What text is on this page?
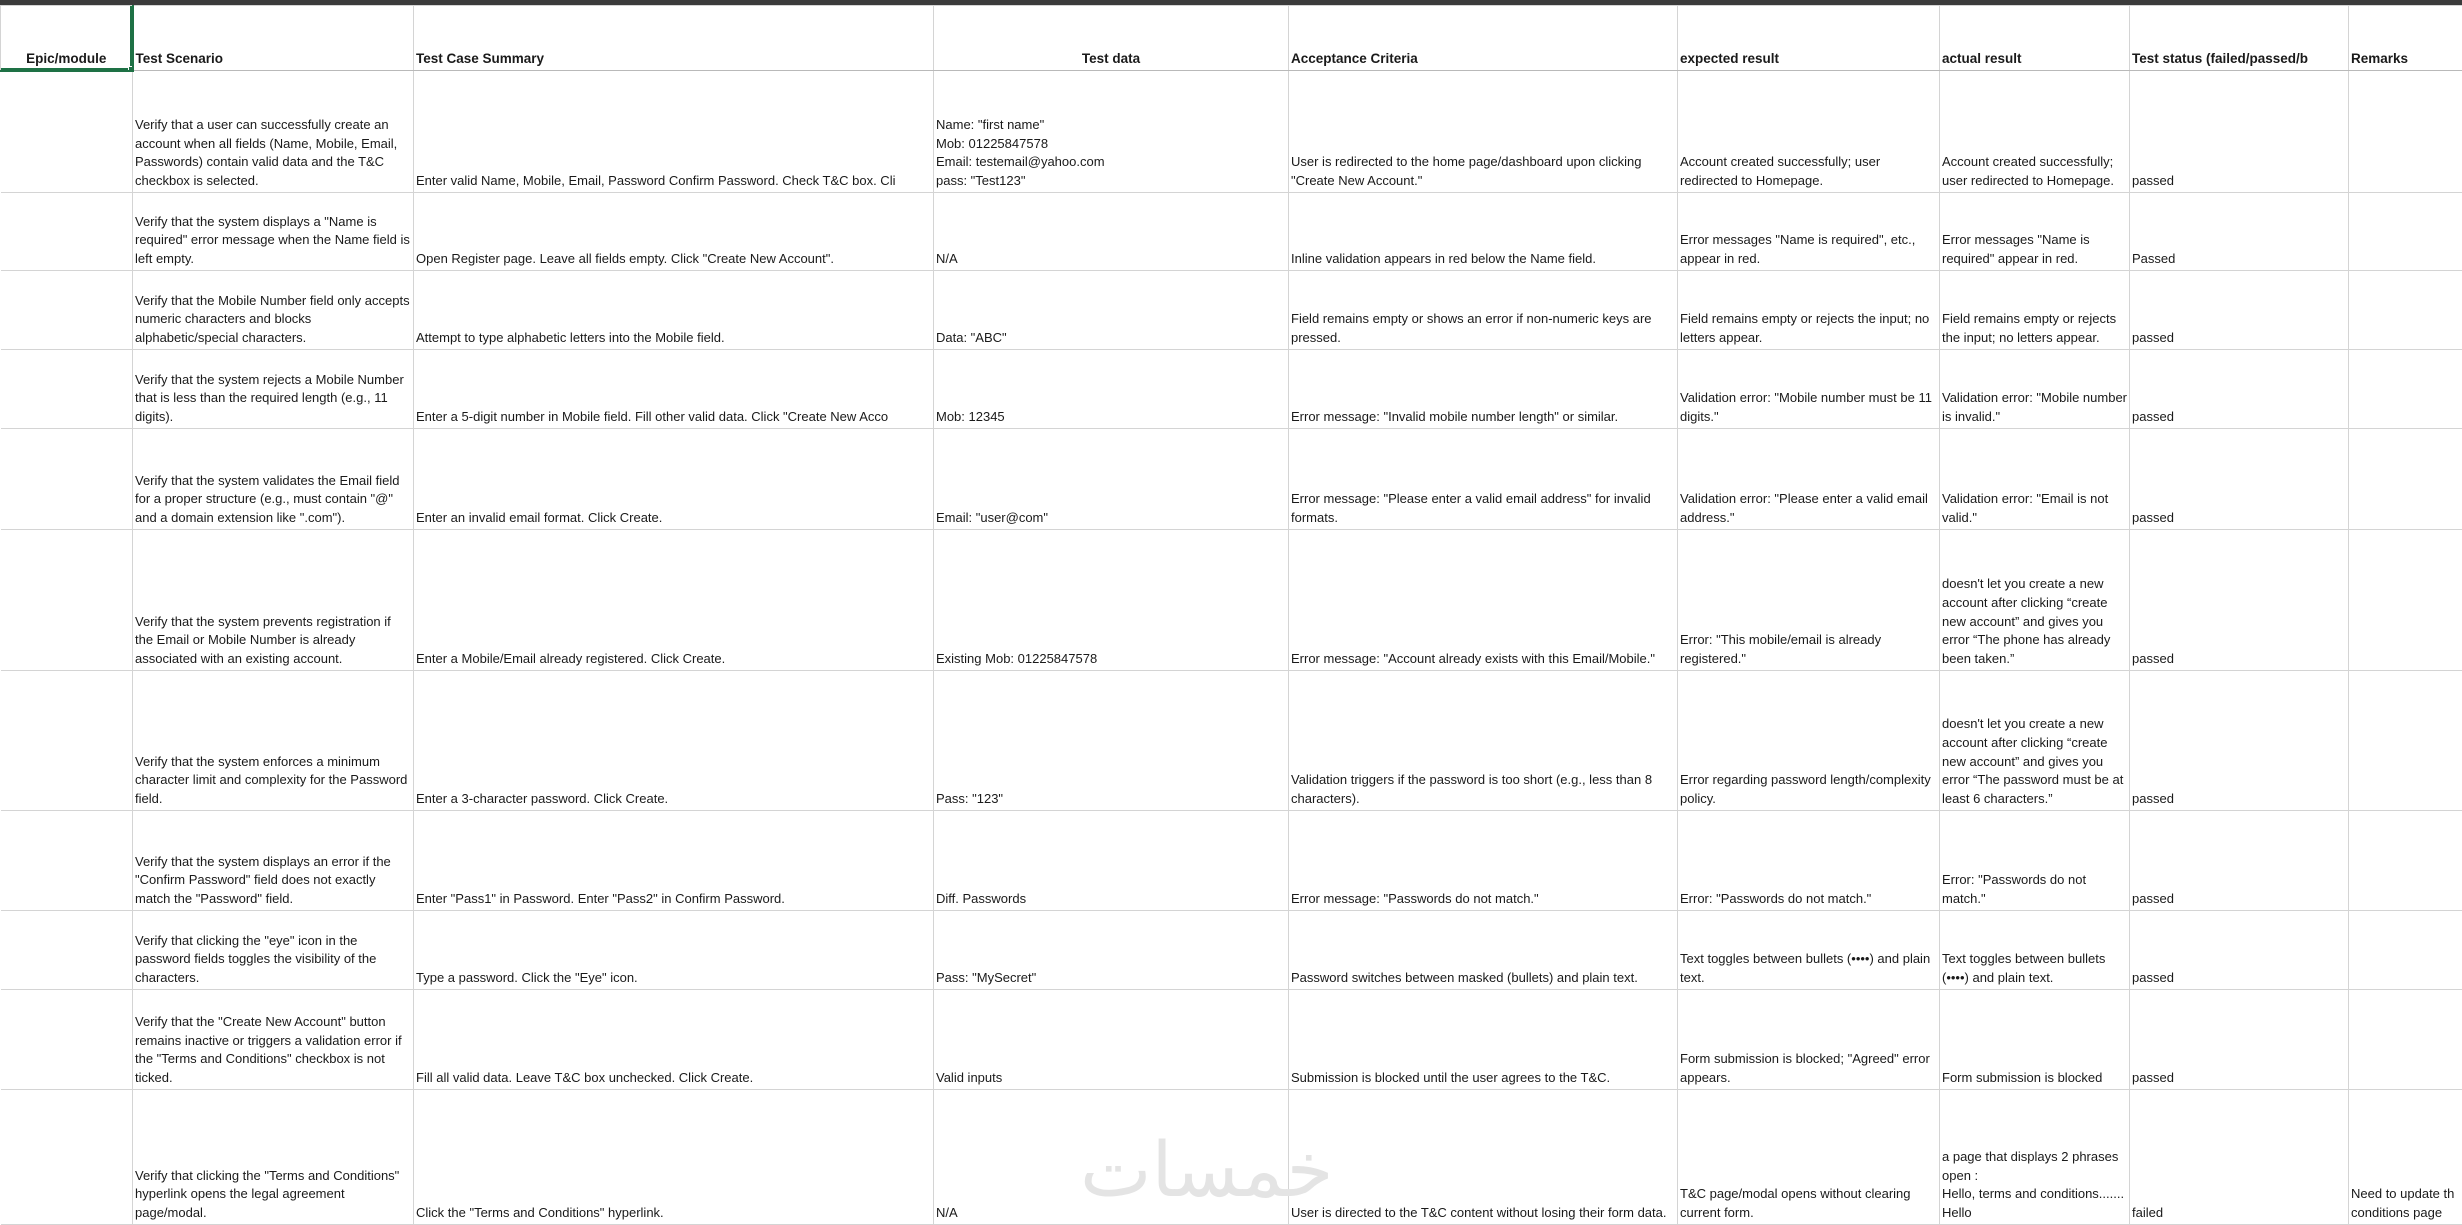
Epic/module	Test Scenario	Test Case Summary	Test data	Acceptance Criteria	expected result	actual result	Test status (failed/passed/b	Remarks
	Verify that a user can successfully create an account when all fields (Name, Mobile, Email, Passwords) contain valid data and the T&C checkbox is selected.	Enter valid Name, Mobile, Email, Password Confirm Password. Check T&C box. Cli	Name: "first name"
Mob: 01225847578
Email: testemail@yahoo.com
pass: "Test123"	User is redirected to the home page/dashboard upon clicking "Create New Account."	Account created successfully; user redirected to Homepage.	Account created successfully; user redirected to Homepage.	passed	
	Verify that the system displays a "Name is required" error message when the Name field is left empty.	Open Register page. Leave all fields empty. Click "Create New Account".	N/A	Inline validation appears in red below the Name field.	Error messages "Name is required", etc., appear in red.	Error messages "Name is required" appear in red.	Passed	
	Verify that the Mobile Number field only accepts numeric characters and blocks alphabetic/special characters.	Attempt to type alphabetic letters into the Mobile field.	Data: "ABC"	Field remains empty or shows an error if non-numeric keys are pressed.	Field remains empty or rejects the input; no letters appear.	Field remains empty or rejects the input; no letters appear.	passed	
	Verify that the system rejects a Mobile Number that is less than the required length (e.g., 11 digits).	Enter a 5-digit number in Mobile field. Fill other valid data. Click "Create New Acco	Mob: 12345	Error message: "Invalid mobile number length" or similar.	Validation error: "Mobile number must be 11 digits."	Validation error: "Mobile number is invalid."	passed	
	Verify that the system validates the Email field for a proper structure (e.g., must contain "@" and a domain extension like ".com").	Enter an invalid email format. Click Create.	Email: "user@com"	Error message: "Please enter a valid email address" for invalid formats.	Validation error: "Please enter a valid email address."	Validation error: "Email is not valid."	passed	
	Verify that the system prevents registration if the Email or Mobile Number is already associated with an existing account.	Enter a Mobile/Email already registered. Click Create.	Existing Mob: 01225847578	Error message: "Account already exists with this Email/Mobile."	Error: "This mobile/email is already registered."	doesn't let you create a new account after clicking “create new account” and gives you error “The phone has already been taken.”	passed	
	Verify that the system enforces a minimum character limit and complexity for the Password field.	Enter a 3-character password. Click Create.	Pass: "123"	Validation triggers if the password is too short (e.g., less than 8 characters).	Error regarding password length/complexity policy.	doesn't let you create a new account after clicking “create new account” and gives you error “The password must be at least 6 characters.”	passed	
	Verify that the system displays an error if the "Confirm Password" field does not exactly match the "Password" field.	Enter "Pass1" in Password. Enter "Pass2" in Confirm Password.	Diff. Passwords	Error message: "Passwords do not match."	Error: "Passwords do not match."	Error: "Passwords do not match."	passed	
	Verify that clicking the "eye" icon in the password fields toggles the visibility of the characters.	Type a password. Click the "Eye" icon.	Pass: "MySecret"	Password switches between masked (bullets) and plain text.	Text toggles between bullets (••••) and plain text.	Text toggles between bullets (••••) and plain text.	passed	
	Verify that the "Create New Account" button remains inactive or triggers a validation error if the "Terms and Conditions" checkbox is not ticked.	Fill all valid data. Leave T&C box unchecked. Click Create.	Valid inputs	Submission is blocked until the user agrees to the T&C.	Form submission is blocked; "Agreed" error appears.	Form submission is blocked	passed	
	Verify that clicking the "Terms and Conditions" hyperlink opens the legal agreement page/modal.	Click the "Terms and Conditions" hyperlink.	N/A	User is directed to the T&C content without losing their form data.	T&C page/modal opens without clearing current form.	a page that displays 2 phrases open :
Hello, terms and conditions.......
Hello	failed	Need to update th
conditions page
خمسات
